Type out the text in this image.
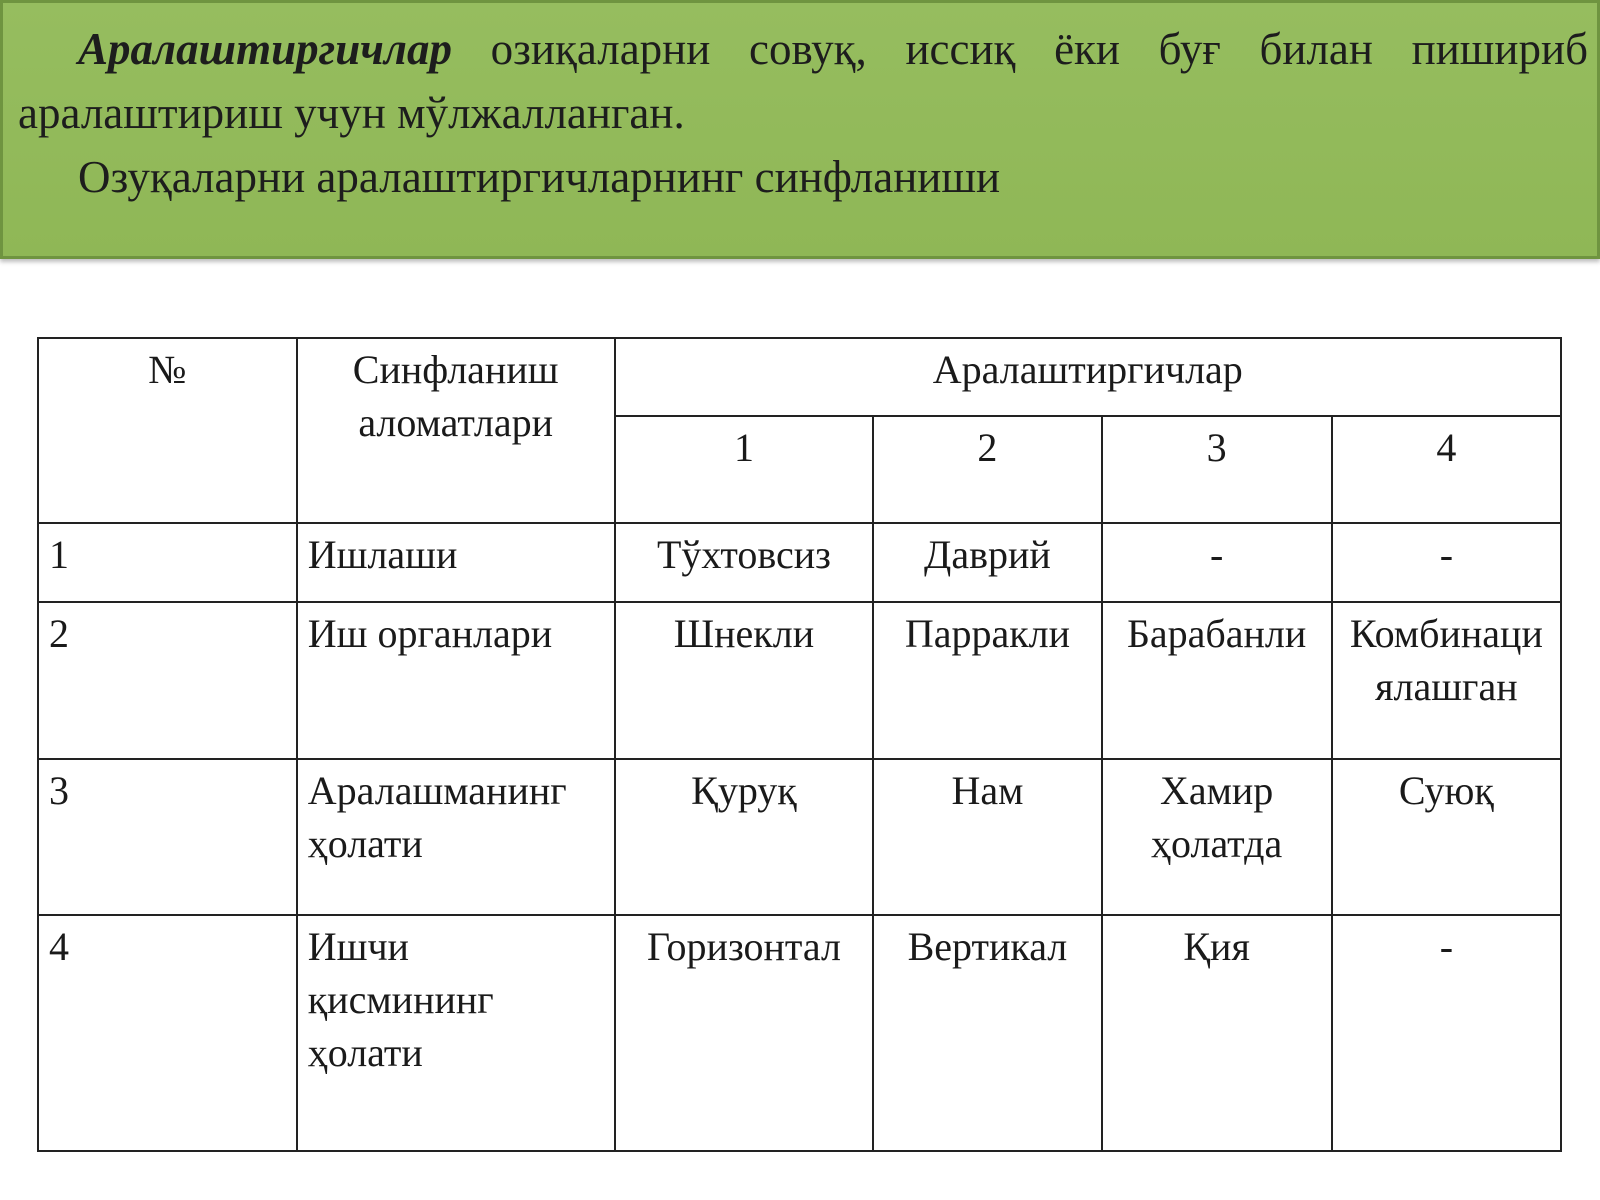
Аралаштиргичлар озиқаларни совуқ, иссиқ ёки буғ билан пишириб аралаштириш учун мўлжалланган.

Озуқаларни аралаштиргичларнинг синфланиши

№	Синфланиш аломатлари	Аралаштиргичлар			
		1	2	3	4
1	Ишлаши	Тўхтовсиз	Даврий	-	-
2	Иш органлари	Шнекли	Парракли	Барабанли	Комбинациялашган
3	Аралашманинг ҳолати	Қуруқ	Нам	Хамир ҳолатда	Суюқ
4	Ишчи қисмининг ҳолати	Горизонтал	Вертикал	Қия	-
